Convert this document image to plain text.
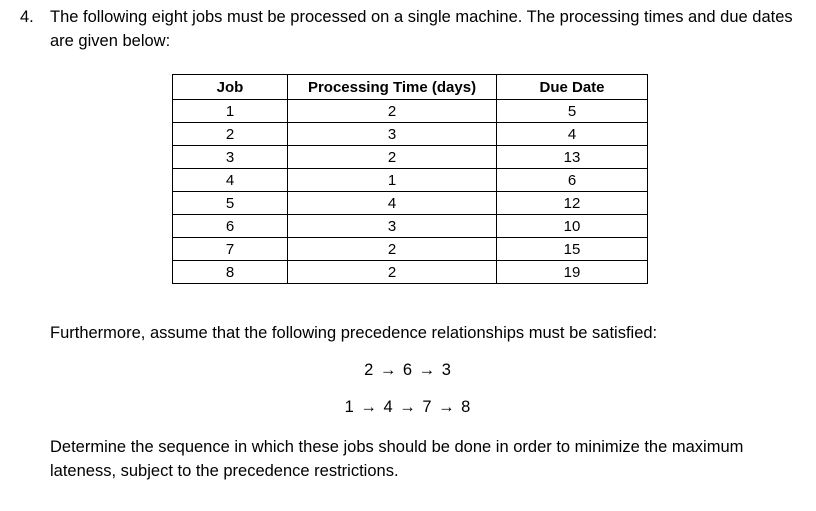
4. The following eight jobs must be processed on a single machine. The processing times and due dates are given below:
Job	Processing Time (days)	Due Date
1	2	5
2	3	4
3	2	13
4	1	6
5	4	12
6	3	10
7	2	15
8	2	19
Furthermore, assume that the following precedence relationships must be satisfied:
2 → 6 → 3
1 → 4 → 7 → 8
Determine the sequence in which these jobs should be done in order to minimize the maximum lateness, subject to the precedence restrictions.
